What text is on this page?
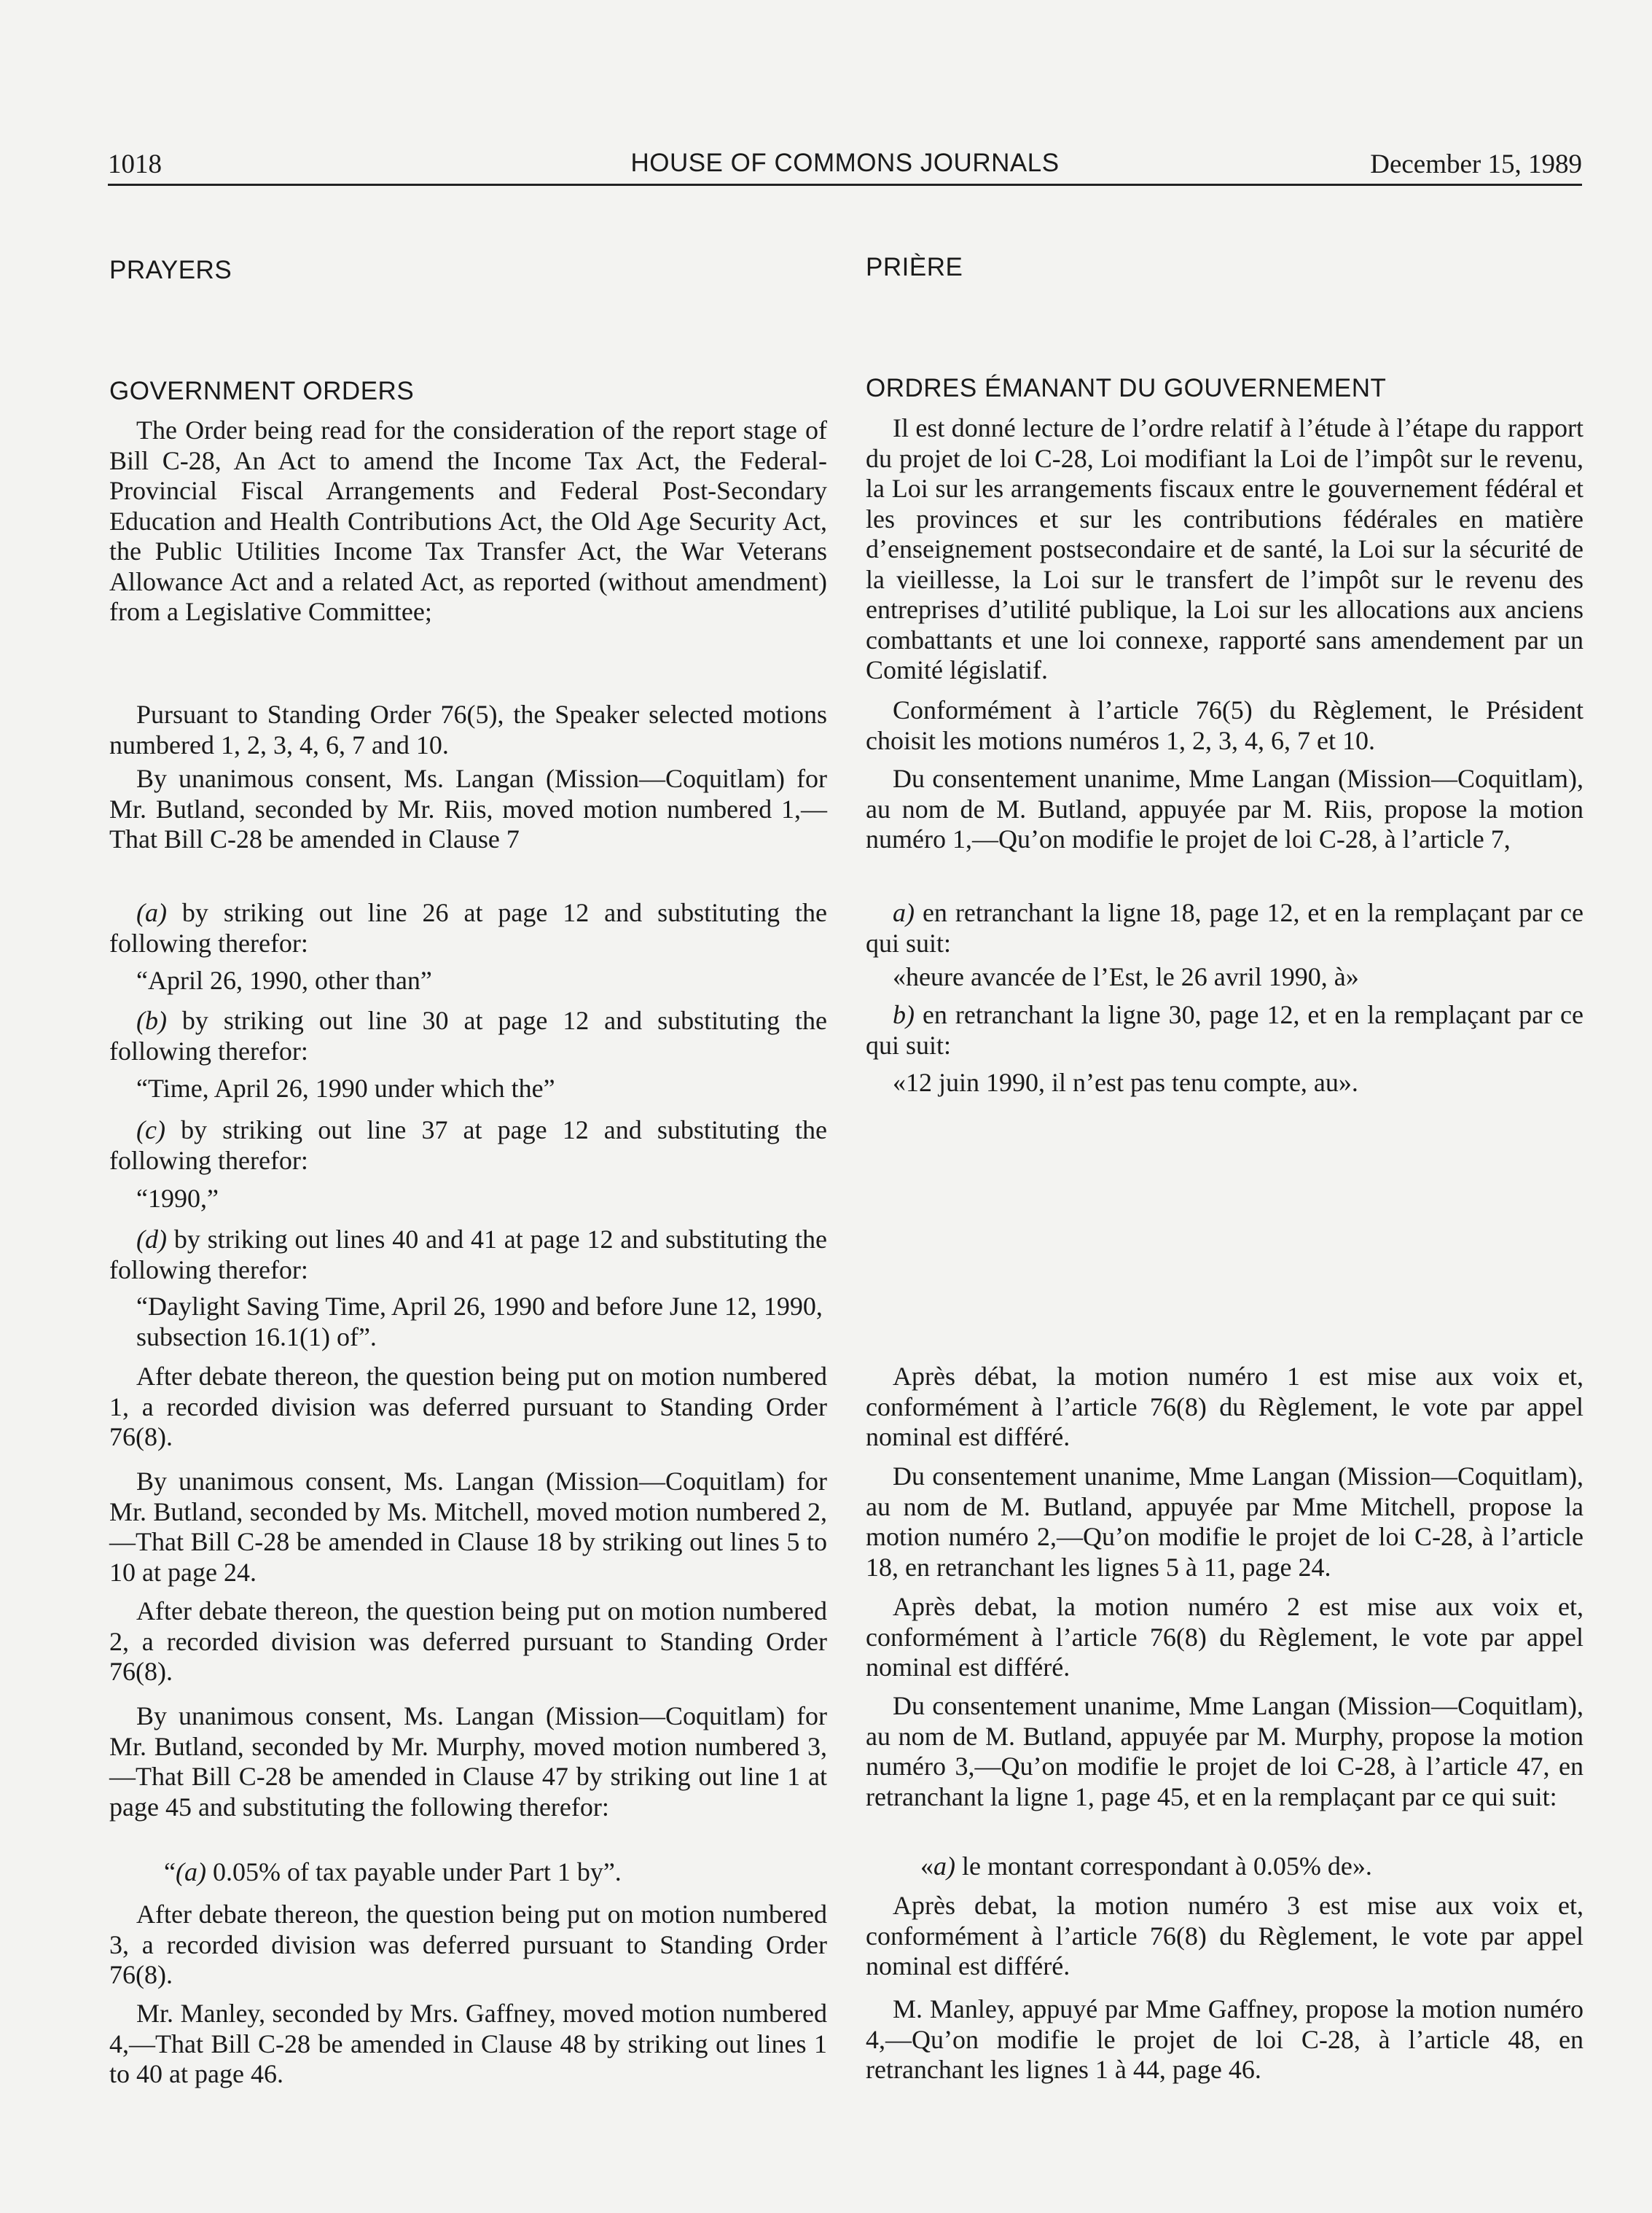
1018	HOUSE OF COMMONS JOURNALS	December 15, 1989
PRAYERS
GOVERNMENT ORDERS

The Order being read for the consideration of the report stage of Bill C-28, An Act to amend the Income Tax Act, the Federal-Provincial Fiscal Arrangements and Federal Post-Secondary Education and Health Contributions Act, the Old Age Security Act, the Public Utilities Income Tax Transfer Act, the War Veterans Allowance Act and a related Act, as reported (without amendment) from a Legislative Committee;

Pursuant to Standing Order 76(5), the Speaker selected motions numbered 1, 2, 3, 4, 6, 7 and 10.

By unanimous consent, Ms. Langan (Mission—Coquitlam) for Mr. Butland, seconded by Mr. Riis, moved motion numbered 1,—That Bill C-28 be amended in Clause 7

(a) by striking out line 26 at page 12 and substituting the following therefor:

“April 26, 1990, other than”

(b) by striking out line 30 at page 12 and substituting the following therefor:

“Time, April 26, 1990 under which the”

(c) by striking out line 37 at page 12 and substituting the following therefor:

“1990,”

(d) by striking out lines 40 and 41 at page 12 and substituting the following therefor:

“Daylight Saving Time, April 26, 1990 and before June 12, 1990, subsection 16.1(1) of”.

After debate thereon, the question being put on motion numbered 1, a recorded division was deferred pursuant to Standing Order 76(8).

By unanimous consent, Ms. Langan (Mission—Coquitlam) for Mr. Butland, seconded by Ms. Mitchell, moved motion numbered 2,—That Bill C-28 be amended in Clause 18 by striking out lines 5 to 10 at page 24.

After debate thereon, the question being put on motion numbered 2, a recorded division was deferred pursuant to Standing Order 76(8).

By unanimous consent, Ms. Langan (Mission—Coquitlam) for Mr. Butland, seconded by Mr. Murphy, moved motion numbered 3,—That Bill C-28 be amended in Clause 47 by striking out line 1 at page 45 and substituting the following therefor:

“(a) 0.05% of tax payable under Part 1 by”.

After debate thereon, the question being put on motion numbered 3, a recorded division was deferred pursuant to Standing Order 76(8).

Mr. Manley, seconded by Mrs. Gaffney, moved motion numbered 4,—That Bill C-28 be amended in Clause 48 by striking out lines 1 to 40 at page 46.

PRIÈRE
ORDRES ÉMANANT DU GOUVERNEMENT

Il est donné lecture de l’ordre relatif à l’étude à l’étape du rapport du projet de loi C-28, Loi modifiant la Loi de l’impôt sur le revenu, la Loi sur les arrangements fiscaux entre le gouvernement fédéral et les provinces et sur les contributions fédérales en matière d’enseignement postsecondaire et de santé, la Loi sur la sécurité de la vieillesse, la Loi sur le transfert de l’impôt sur le revenu des entreprises d’utilité publique, la Loi sur les allocations aux anciens combattants et une loi connexe, rapporté sans amendement par un Comité législatif.

Conformément à l’article 76(5) du Règlement, le Président choisit les motions numéros 1, 2, 3, 4, 6, 7 et 10.

Du consentement unanime, Mme Langan (Mission—Coquitlam), au nom de M. Butland, appuyée par M. Riis, propose la motion numéro 1,—Qu’on modifie le projet de loi C-28, à l’article 7,

a) en retranchant la ligne 18, page 12, et en la remplaçant par ce qui suit:

«heure avancée de l’Est, le 26 avril 1990, à»

b) en retranchant la ligne 30, page 12, et en la remplaçant par ce qui suit:

«12 juin 1990, il n’est pas tenu compte, au».

Après débat, la motion numéro 1 est mise aux voix et, conformément à l’article 76(8) du Règlement, le vote par appel nominal est différé.

Du consentement unanime, Mme Langan (Mission—Coquitlam), au nom de M. Butland, appuyée par Mme Mitchell, propose la motion numéro 2,—Qu’on modifie le projet de loi C-28, à l’article 18, en retranchant les lignes 5 à 11, page 24.

Après debat, la motion numéro 2 est mise aux voix et, conformément à l’article 76(8) du Règlement, le vote par appel nominal est différé.

Du consentement unanime, Mme Langan (Mission—Coquitlam), au nom de M. Butland, appuyée par M. Murphy, propose la motion numéro 3,—Qu’on modifie le projet de loi C-28, à l’article 47, en retranchant la ligne 1, page 45, et en la remplaçant par ce qui suit:

«a) le montant correspondant à 0.05% de».

Après debat, la motion numéro 3 est mise aux voix et, conformément à l’article 76(8) du Règlement, le vote par appel nominal est différé.

M. Manley, appuyé par Mme Gaffney, propose la motion numéro 4,—Qu’on modifie le projet de loi C-28, à l’article 48, en retranchant les lignes 1 à 44, page 46.
